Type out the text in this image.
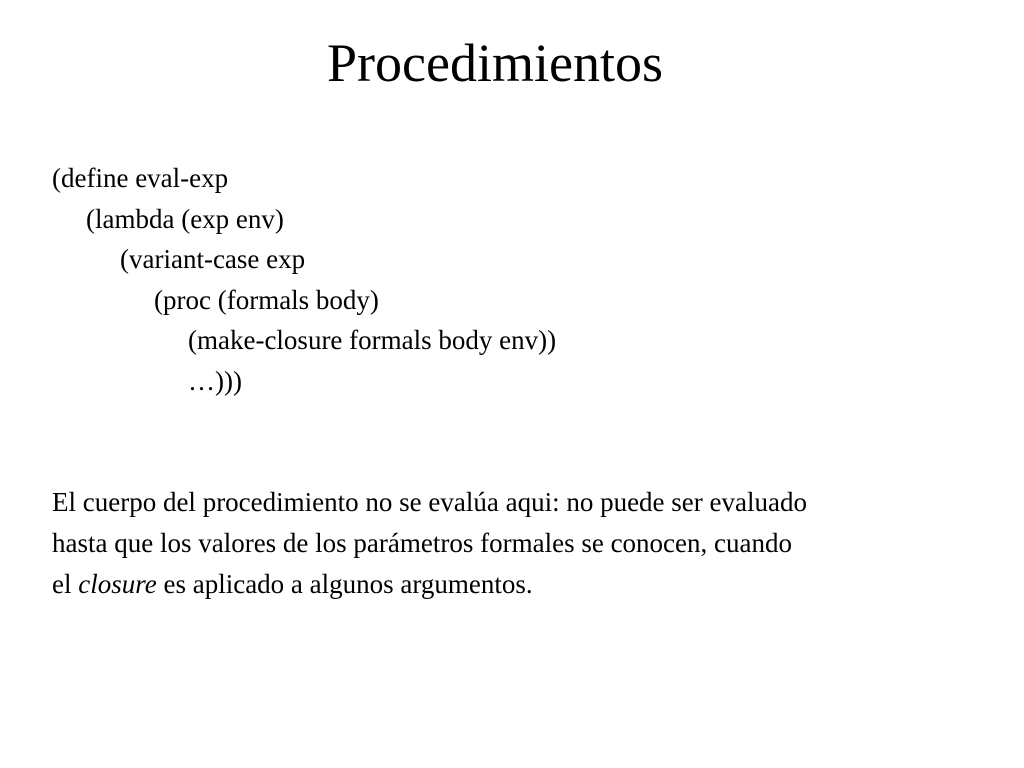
Procedimientos
(define eval-exp
(lambda (exp env)
(variant-case exp
(proc (formals body)
(make-closure formals body env))
…)))

El cuerpo del procedimiento no se evalúa aqui: no puede ser evaluado
hasta que los valores de los parámetros formales se conocen, cuando
el closure es aplicado a algunos argumentos.
